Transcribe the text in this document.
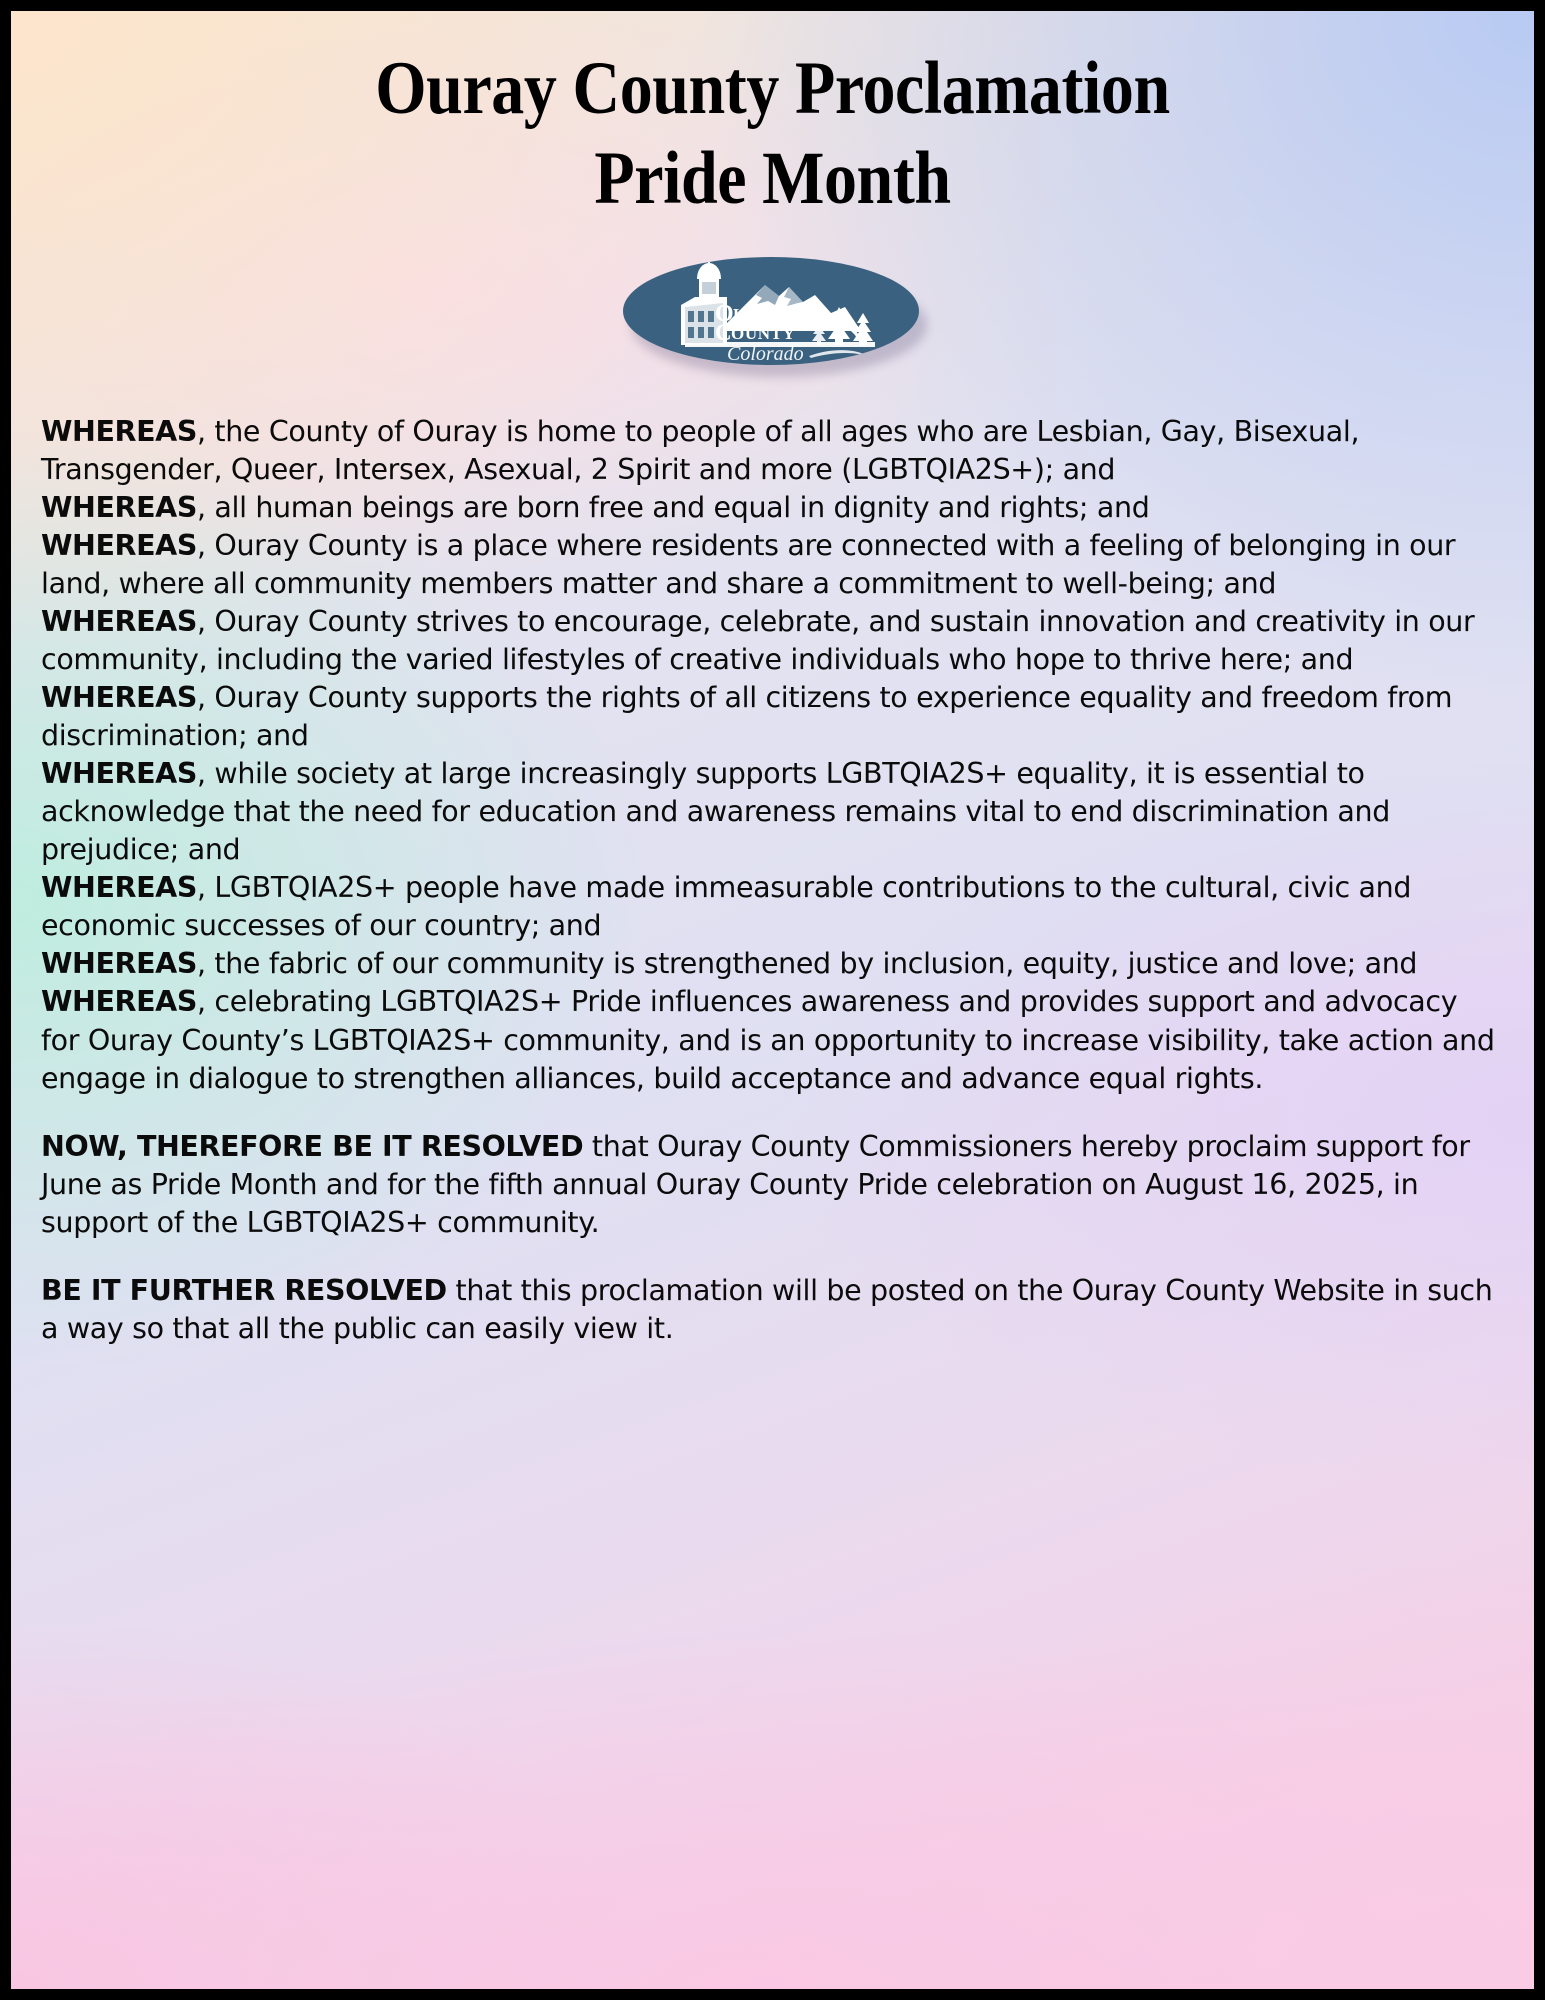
Ouray County Proclamation
Pride Month
O
URAY
C
OUNTY
Colorado

WHEREAS, the County of Ouray is home to people of all ages who are Lesbian, Gay, Bisexual, Transgender, Queer, Intersex, Asexual, 2 Spirit and more (LGBTQIA2S+); and

WHEREAS, all human beings are born free and equal in dignity and rights; and

WHEREAS, Ouray County is a place where residents are connected with a feeling of belonging in our land, where all community members matter and share a commitment to well-being; and

WHEREAS, Ouray County strives to encourage, celebrate, and sustain innovation and creativity in our community, including the varied lifestyles of creative individuals who hope to thrive here; and

WHEREAS, Ouray County supports the rights of all citizens to experience equality and freedom from discrimination; and

WHEREAS, while society at large increasingly supports LGBTQIA2S+ equality, it is essential to acknowledge that the need for education and awareness remains vital to end discrimination and prejudice; and

WHEREAS, LGBTQIA2S+ people have made immeasurable contributions to the cultural, civic and economic successes of our country; and

WHEREAS, the fabric of our community is strengthened by inclusion, equity, justice and love; and

WHEREAS, celebrating LGBTQIA2S+ Pride influences awareness and provides support and advocacy for Ouray County’s LGBTQIA2S+ community, and is an opportunity to increase visibility, take action and engage in dialogue to strengthen alliances, build acceptance and advance equal rights.

NOW, THEREFORE BE IT RESOLVED that Ouray County Commissioners hereby proclaim support for June as Pride Month and for the fifth annual Ouray County Pride celebration on August 16, 2025, in support of the LGBTQIA2S+ community.

BE IT FURTHER RESOLVED that this proclamation will be posted on the Ouray County Website in such a way so that all the public can easily view it.
